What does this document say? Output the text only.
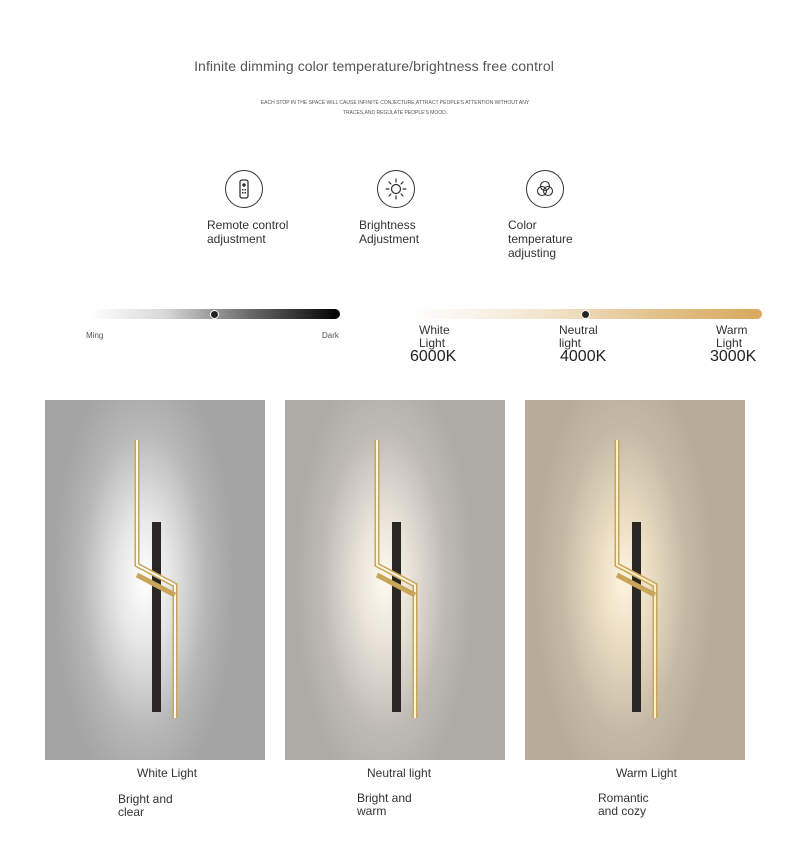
Infinite dimming color temperature/brightness free control
EACH STOP IN THE SPACE WILL CAUSE INFINITE CONJECTURE,ATTRACT PEOPLE'S ATTENTION WITHOUT ANY TRACES,AND REGULATE PEOPLE'S MOOD.
Remote control adjustment
Brightness Adjustment
Color temperature adjusting
Ming	Dark	White Light
6000K
Neutral light
4000K
Warm Light
3000K
White Light
Bright and clear
Neutral light
Bright and warm
Warm Light
Romantic and cozy
